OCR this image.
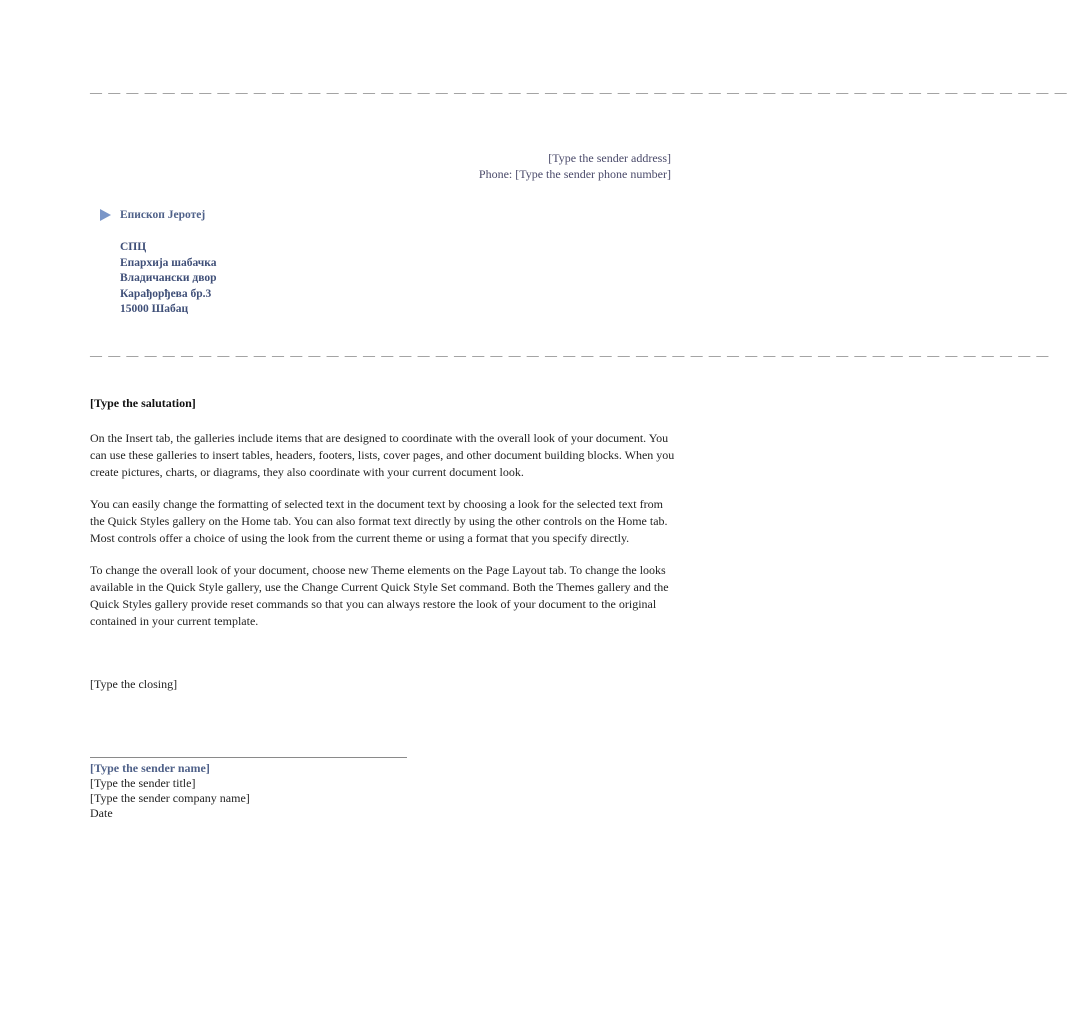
— — — — — — — — — — — — — — — — — — — — — — — — — — — — — — — — — — — — — — — — — — — — — — — — — — — — — —
[Type the sender address]
Phone: [Type the sender phone number]
Епископ Јеротеј
СПЦ
Епархија шабачка
Владичански двор
Карађорђева бр.3
15000 Шабац
— — — — — — — — — — — — — — — — — — — — — — — — — — — — — — — — — — — — — — — — — — — — — — — — — — — — —
[Type the salutation]

On the Insert tab, the galleries include items that are designed to coordinate with the overall look of your document. You can use these galleries to insert tables, headers, footers, lists, cover pages, and other document building blocks. When you create pictures, charts, or diagrams, they also coordinate with your current document look.

You can easily change the formatting of selected text in the document text by choosing a look for the selected text from the Quick Styles gallery on the Home tab. You can also format text directly by using the other controls on the Home tab. Most controls offer a choice of using the look from the current theme or using a format that you specify directly.

To change the overall look of your document, choose new Theme elements on the Page Layout tab. To change the looks available in the Quick Style gallery, use the Change Current Quick Style Set command. Both the Themes gallery and the Quick Styles gallery provide reset commands so that you can always restore the look of your document to the original contained in your current template.

[Type the closing]
[Type the sender name]
[Type the sender title]
[Type the sender company name]
Date
